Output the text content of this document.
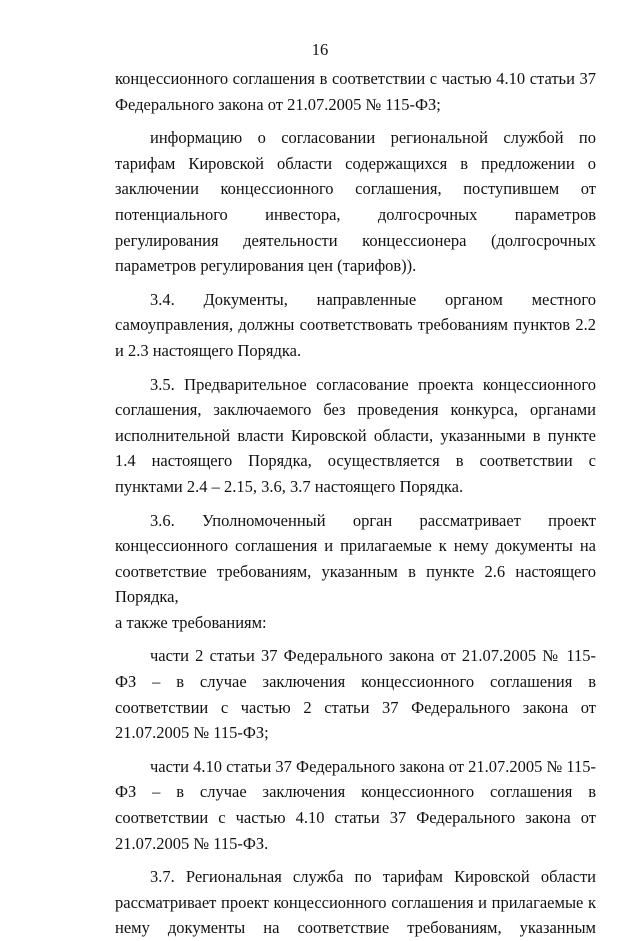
16

концессионного соглашения в соответствии с частью 4.10 статьи 37 Федерального закона от 21.07.2005 № 115-ФЗ;

информацию о согласовании региональной службой по тарифам Кировской области содержащихся в предложении о заключении концессионного соглашения, поступившем от потенциального инвестора, долгосрочных параметров регулирования деятельности концессионера (долгосрочных параметров регулирования цен (тарифов)).

3.4. Документы, направленные органом местного самоуправления, должны соответствовать требованиям пунктов 2.2 и 2.3 настоящего Порядка.

3.5. Предварительное согласование проекта концессионного соглашения, заключаемого без проведения конкурса, органами исполнительной власти Кировской области, указанными в пункте 1.4 настоящего Порядка, осуществляется в соответствии с пунктами 2.4 – 2.15, 3.6, 3.7 настоящего Порядка.

3.6. Уполномоченный орган рассматривает проект концессионного соглашения и прилагаемые к нему документы на соответствие требованиям, указанным в пункте 2.6 настоящего Порядка,

а также требованиям:

части 2 статьи 37 Федерального закона от 21.07.2005 № 115-ФЗ – в случае заключения концессионного соглашения в соответствии с частью 2 статьи 37 Федерального закона от 21.07.2005 № 115-ФЗ;

части 4.10 статьи 37 Федерального закона от 21.07.2005 № 115-ФЗ – в случае заключения концессионного соглашения в соответствии с частью 4.10 статьи 37 Федерального закона от 21.07.2005 № 115-ФЗ.

3.7. Региональная служба по тарифам Кировской области рассматривает проект концессионного соглашения и прилагаемые к нему документы на соответствие требованиям, указанным
